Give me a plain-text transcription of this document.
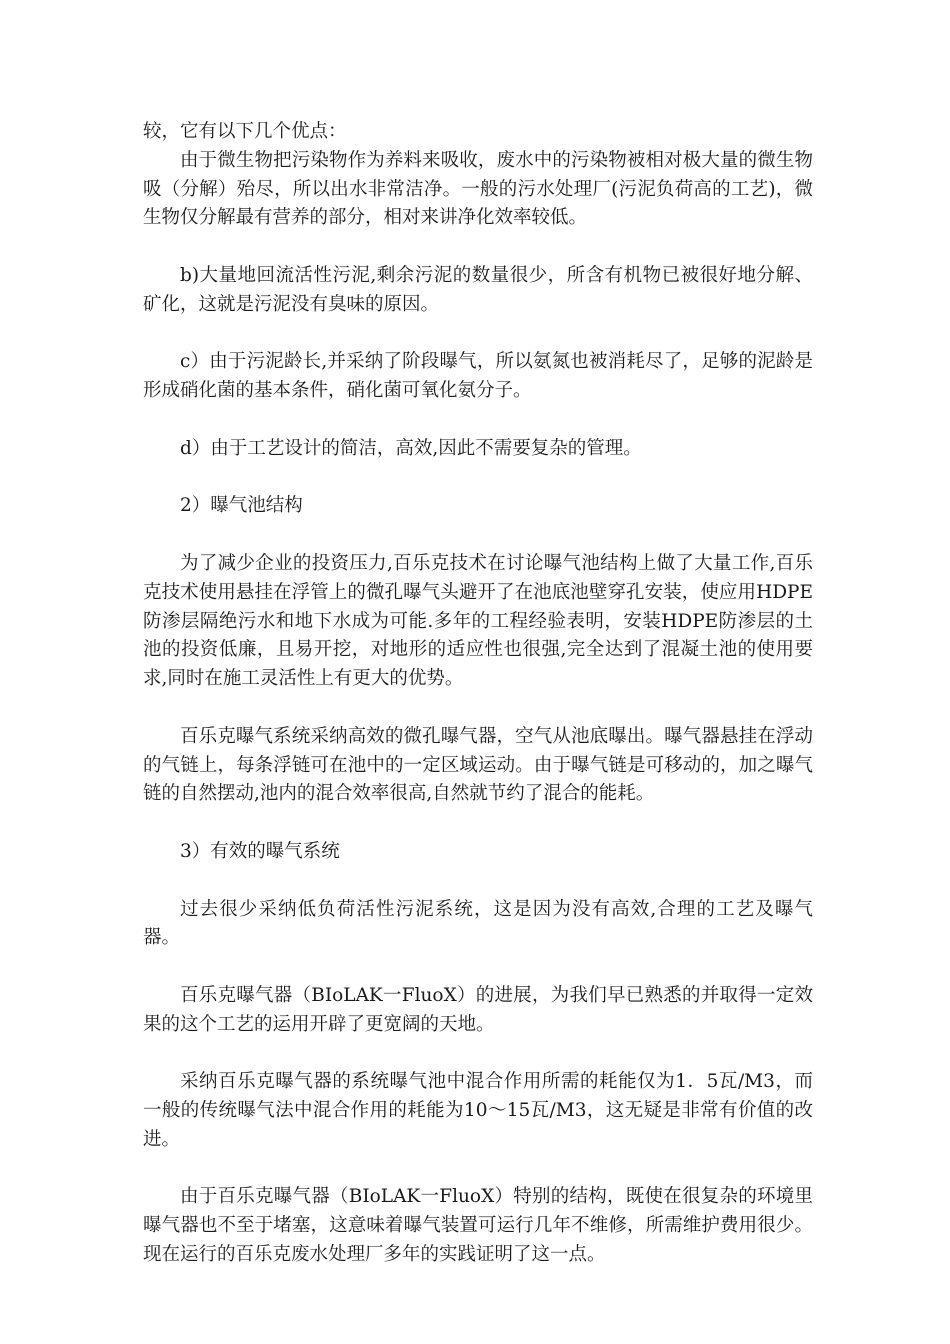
较，它有以下几个优点：

由于微生物把污染物作为养料来吸收，废水中的污染物被相对极大量的微生物吸（分解）殆尽，所以出水非常洁净。一般的污水处理厂(污泥负荷高的工艺)，微生物仅分解最有营养的部分，相对来讲净化效率较低。

b)大量地回流活性污泥,剩余污泥的数量很少，所含有机物已被很好地分解、矿化，这就是污泥没有臭味的原因。

c）由于污泥龄长,并采纳了阶段曝气，所以氨氮也被消耗尽了，足够的泥龄是形成硝化菌的基本条件，硝化菌可氧化氨分子。

d）由于工艺设计的简洁，高效,因此不需要复杂的管理。

2）曝气池结构

为了减少企业的投资压力,百乐克技术在讨论曝气池结构上做了大量工作,百乐克技术使用悬挂在浮管上的微孔曝气头避开了在池底池壁穿孔安装，使应用HDPE防渗层隔绝污水和地下水成为可能.多年的工程经验表明，安装HDPE防渗层的土池的投资低廉，且易开挖，对地形的适应性也很强,完全达到了混凝土池的使用要求,同时在施工灵活性上有更大的优势。

百乐克曝气系统采纳高效的微孔曝气器，空气从池底曝出。曝气器悬挂在浮动的气链上，每条浮链可在池中的一定区域运动。由于曝气链是可移动的，加之曝气链的自然摆动,池内的混合效率很高,自然就节约了混合的能耗。

3）有效的曝气系统

过去很少采纳低负荷活性污泥系统，这是因为没有高效,合理的工艺及曝气器。

百乐克曝气器（BIoLAK一FluoX）的进展，为我们早已熟悉的并取得一定效果的这个工艺的运用开辟了更宽阔的天地。

采纳百乐克曝气器的系统曝气池中混合作用所需的耗能仅为1．5瓦/M3，而一般的传统曝气法中混合作用的耗能为10～15瓦/M3，这无疑是非常有价值的改进。

由于百乐克曝气器（BIoLAK一FluoX）特别的结构，既使在很复杂的环境里曝气器也不至于堵塞，这意味着曝气装置可运行几年不维修，所需维护费用很少。现在运行的百乐克废水处理厂多年的实践证明了这一点。
